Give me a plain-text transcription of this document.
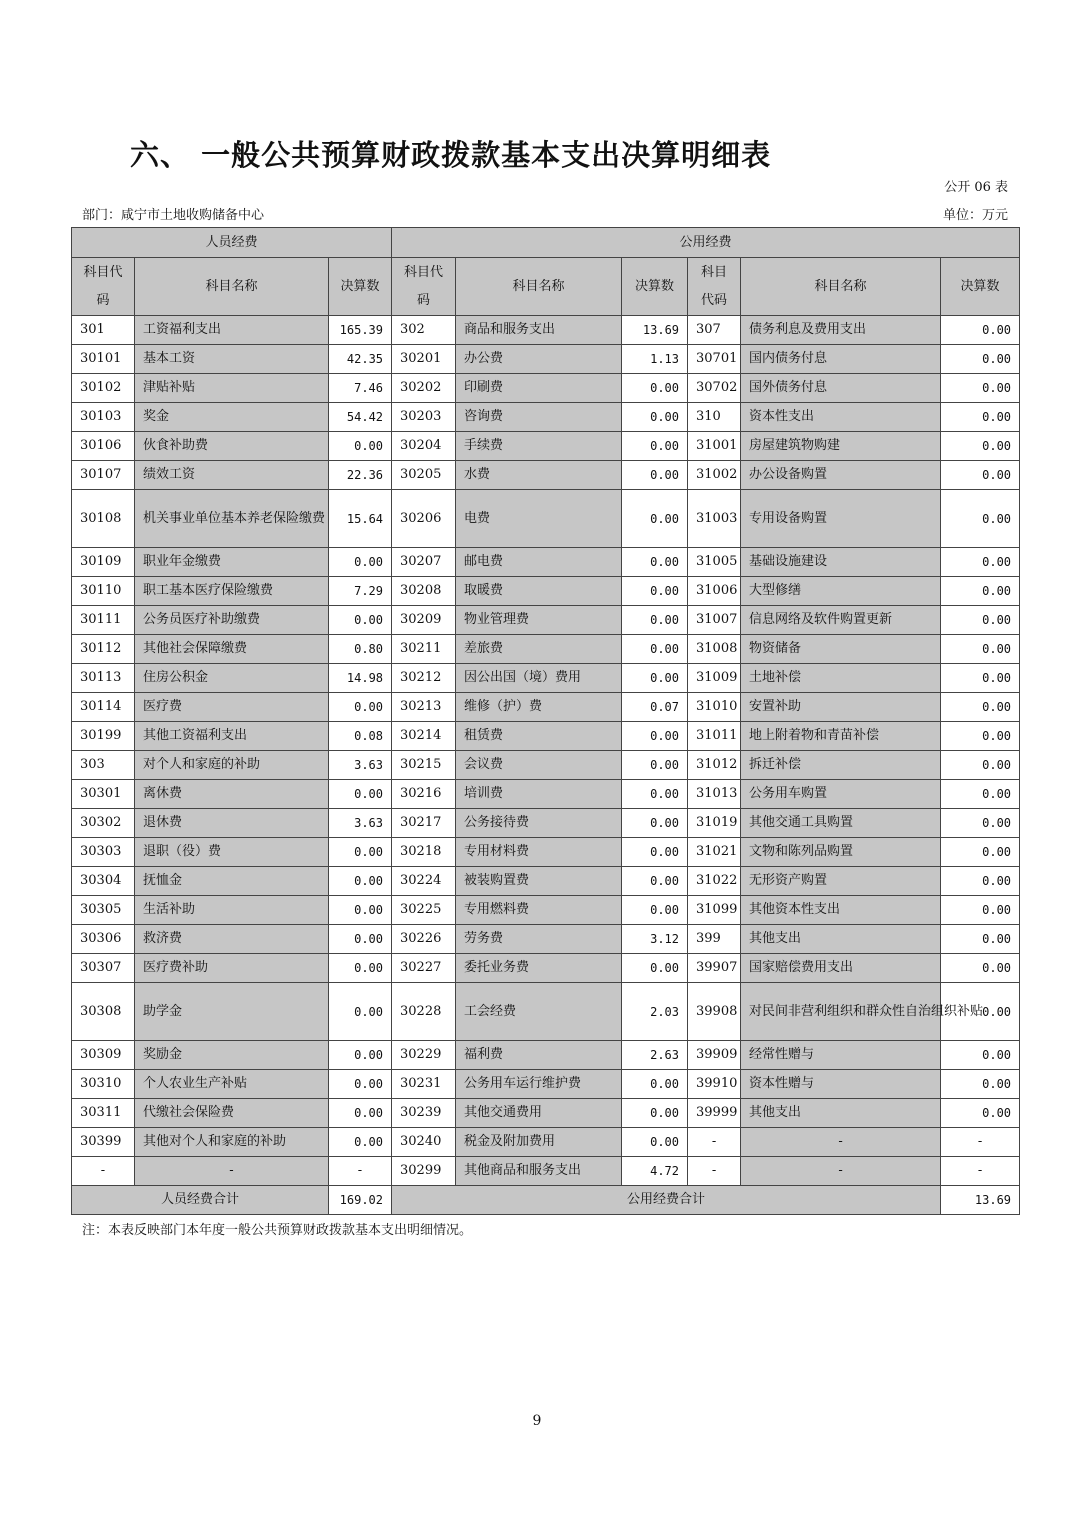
六、 一般公共预算财政拨款基本支出决算明细表
公开 06 表
部门：咸宁市土地收购储备中心	单位：万元
人员经费			公用经费					
科目代码	科目名称	决算数	科目代码	科目名称	决算数	科目代码	科目名称	决算数
301	工资福利支出	165.39	302	商品和服务支出	13.69	307	债务利息及费用支出	0.00
30101	基本工资	42.35	30201	办公费	1.13	30701	国内债务付息	0.00
30102	津贴补贴	7.46	30202	印刷费	0.00	30702	国外债务付息	0.00
30103	奖金	54.42	30203	咨询费	0.00	310	资本性支出	0.00
30106	伙食补助费	0.00	30204	手续费	0.00	31001	房屋建筑物购建	0.00
30107	绩效工资	22.36	30205	水费	0.00	31002	办公设备购置	0.00
30108	机关事业单位基本养老保险缴费	15.64	30206	电费	0.00	31003	专用设备购置	0.00
30109	职业年金缴费	0.00	30207	邮电费	0.00	31005	基础设施建设	0.00
30110	职工基本医疗保险缴费	7.29	30208	取暖费	0.00	31006	大型修缮	0.00
30111	公务员医疗补助缴费	0.00	30209	物业管理费	0.00	31007	信息网络及软件购置更新	0.00
30112	其他社会保障缴费	0.80	30211	差旅费	0.00	31008	物资储备	0.00
30113	住房公积金	14.98	30212	因公出国（境）费用	0.00	31009	土地补偿	0.00
30114	医疗费	0.00	30213	维修（护）费	0.07	31010	安置补助	0.00
30199	其他工资福利支出	0.08	30214	租赁费	0.00	31011	地上附着物和青苗补偿	0.00
303	对个人和家庭的补助	3.63	30215	会议费	0.00	31012	拆迁补偿	0.00
30301	离休费	0.00	30216	培训费	0.00	31013	公务用车购置	0.00
30302	退休费	3.63	30217	公务接待费	0.00	31019	其他交通工具购置	0.00
30303	退职（役）费	0.00	30218	专用材料费	0.00	31021	文物和陈列品购置	0.00
30304	抚恤金	0.00	30224	被装购置费	0.00	31022	无形资产购置	0.00
30305	生活补助	0.00	30225	专用燃料费	0.00	31099	其他资本性支出	0.00
30306	救济费	0.00	30226	劳务费	3.12	399	其他支出	0.00
30307	医疗费补助	0.00	30227	委托业务费	0.00	39907	国家赔偿费用支出	0.00
30308	助学金	0.00	30228	工会经费	2.03	39908	对民间非营利组织和群众性自治组织补贴	0.00
30309	奖励金	0.00	30229	福利费	2.63	39909	经常性赠与	0.00
30310	个人农业生产补贴	0.00	30231	公务用车运行维护费	0.00	39910	资本性赠与	0.00
30311	代缴社会保险费	0.00	30239	其他交通费用	0.00	39999	其他支出	0.00
30399	其他对个人和家庭的补助	0.00	30240	税金及附加费用	0.00	-	-	-
-	-	-	30299	其他商品和服务支出	4.72	-	-	-
人员经费合计		169.02	公用经费合计					13.69
注：本表反映部门本年度一般公共预算财政拨款基本支出明细情况。
9
